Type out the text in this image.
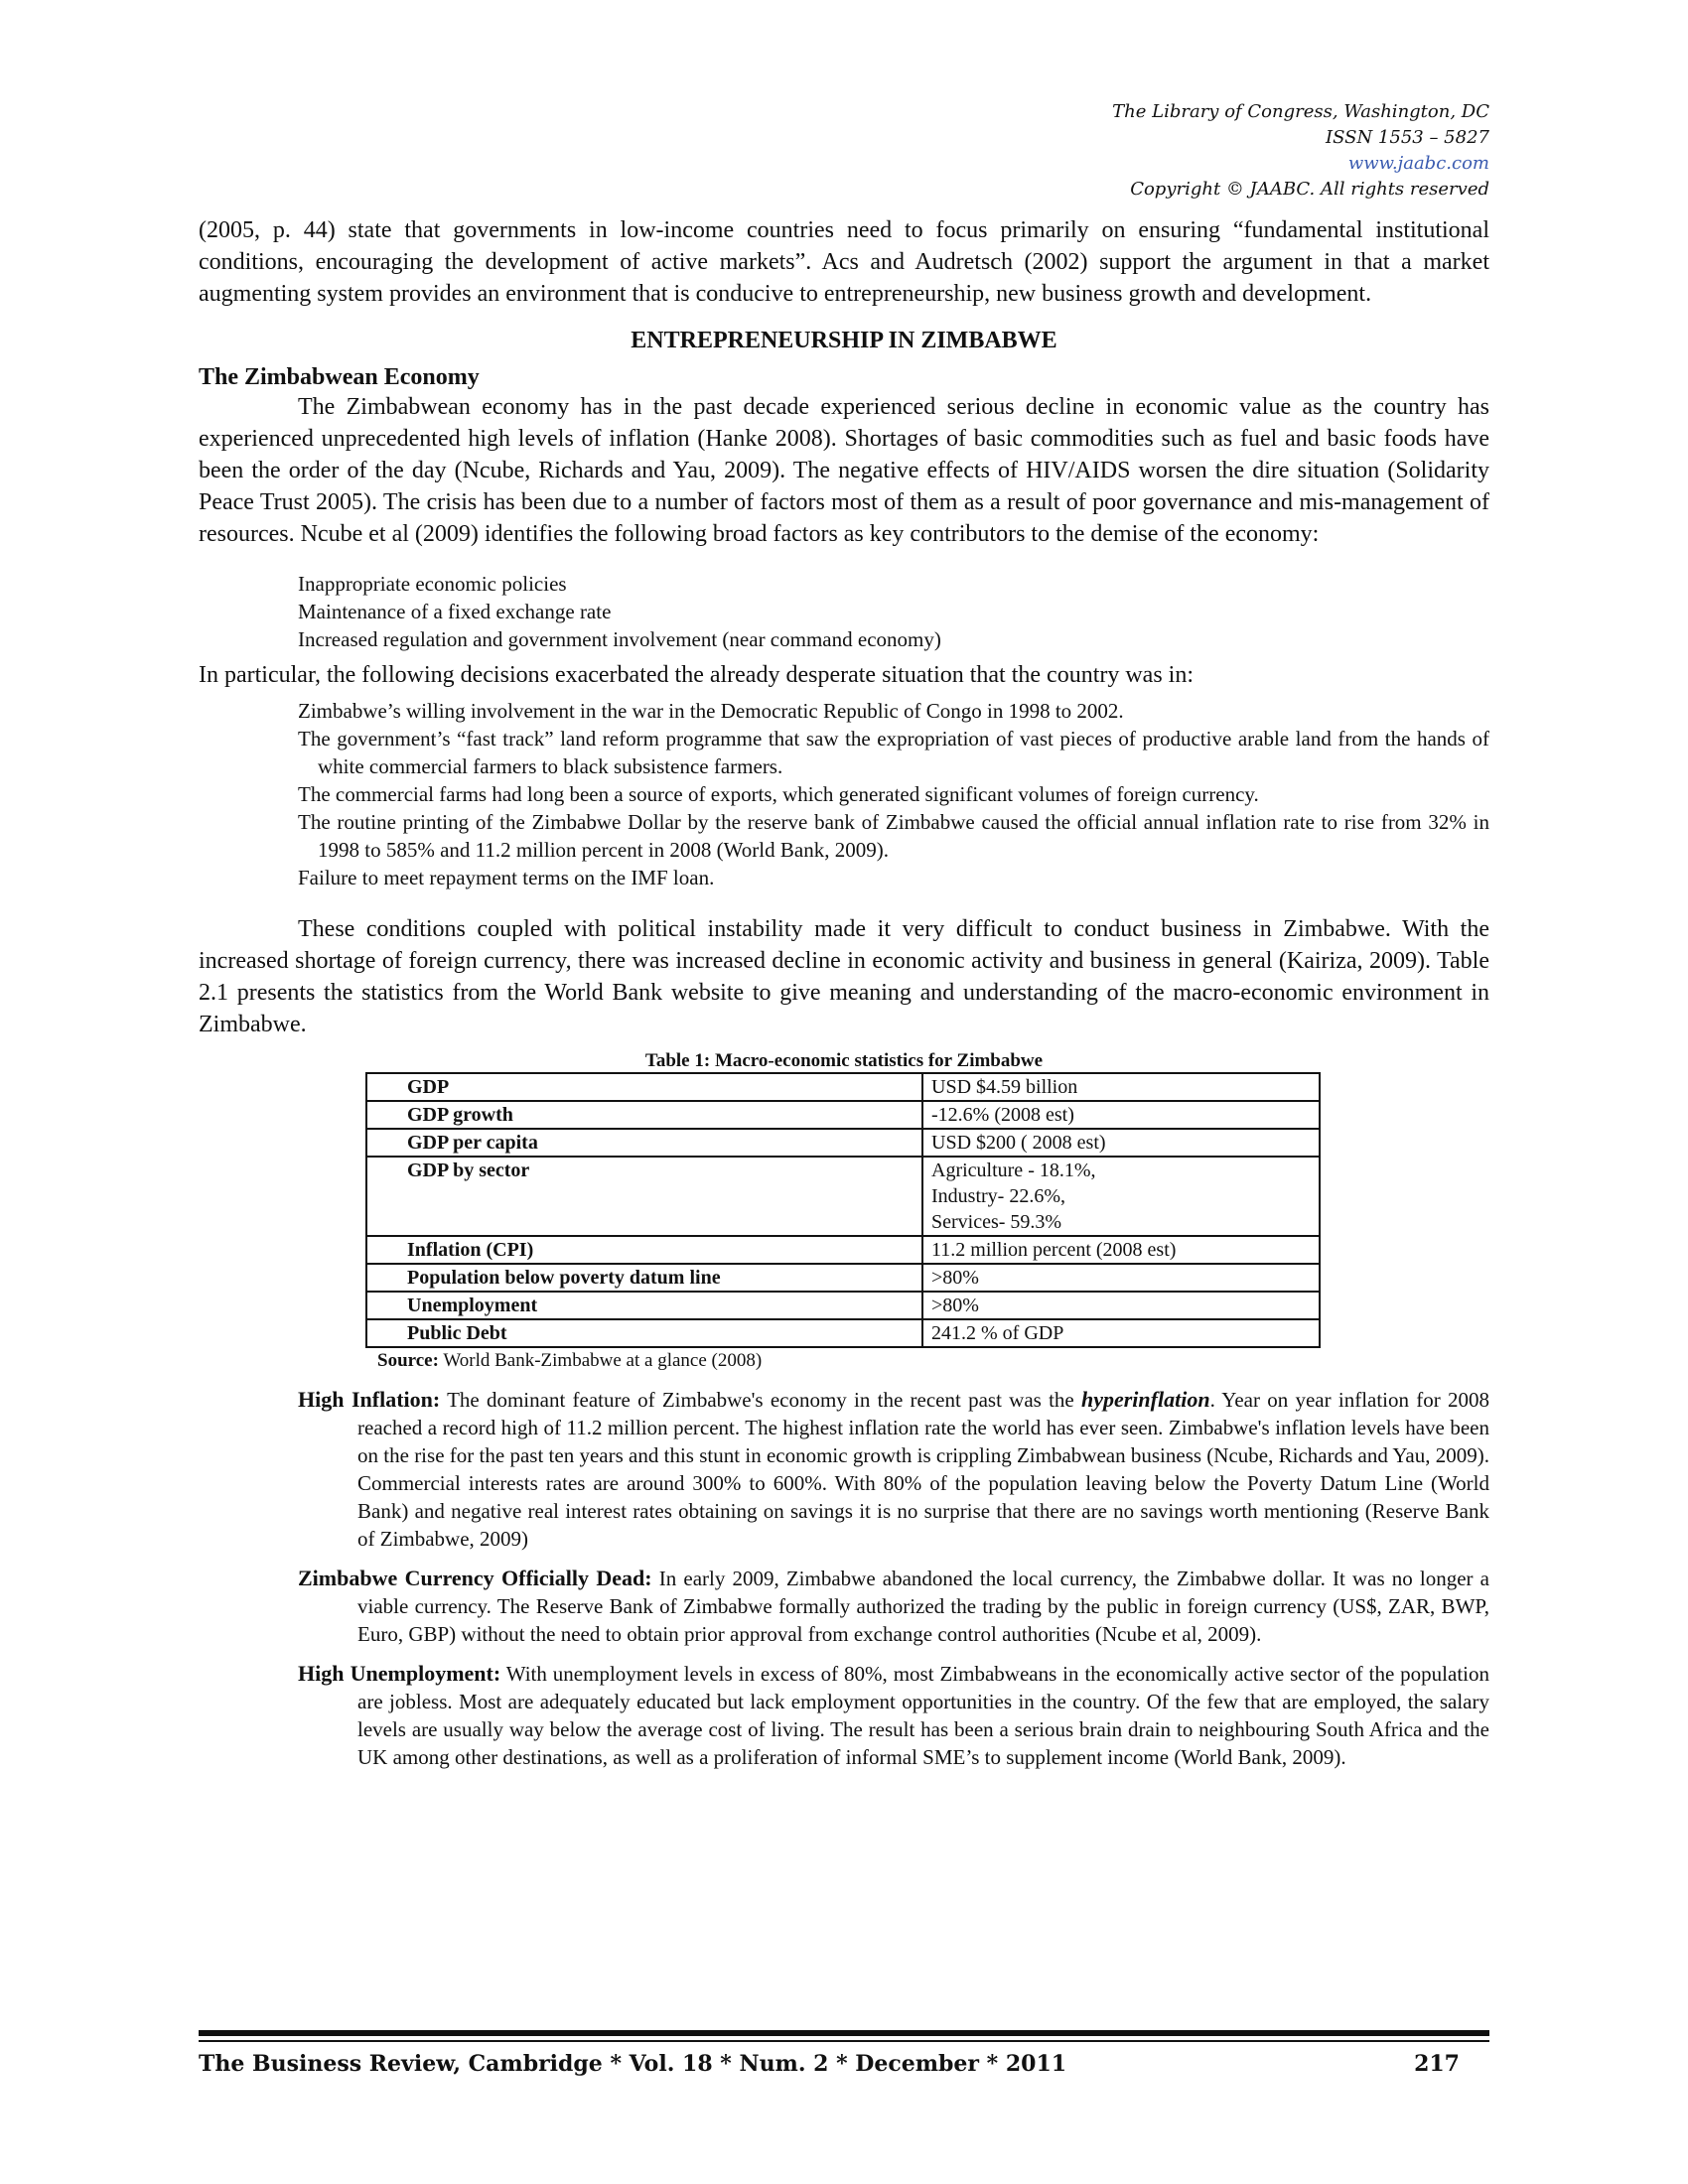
The Library of Congress, Washington, DC
ISSN 1553 – 5827
www.jaabc.com
Copyright © JAABC. All rights reserved

(2005, p. 44) state that governments in low-income countries need to focus primarily on ensuring “fundamental institutional conditions, encouraging the development of active markets”. Acs and Audretsch (2002) support the argument in that a market augmenting system provides an environment that is conducive to entrepreneurship, new business growth and development.

ENTREPRENEURSHIP IN ZIMBABWE
The Zimbabwean Economy

The Zimbabwean economy has in the past decade experienced serious decline in economic value as the country has experienced unprecedented high levels of inflation (Hanke 2008). Shortages of basic commodities such as fuel and basic foods have been the order of the day (Ncube, Richards and Yau, 2009). The negative effects of HIV/AIDS worsen the dire situation (Solidarity Peace Trust 2005). The crisis has been due to a number of factors most of them as a result of poor governance and mis-management of resources. Ncube et al (2009) identifies the following broad factors as key contributors to the demise of the economy:

Inappropriate economic policies
Maintenance of a fixed exchange rate
Increased regulation and government involvement (near command economy)

In particular, the following decisions exacerbated the already desperate situation that the country was in:

Zimbabwe’s willing involvement in the war in the Democratic Republic of Congo in 1998 to 2002.
The government’s “fast track” land reform programme that saw the expropriation of vast pieces of productive arable land from the hands of white commercial farmers to black subsistence farmers.
The commercial farms had long been a source of exports, which generated significant volumes of foreign currency.
The routine printing of the Zimbabwe Dollar by the reserve bank of Zimbabwe caused the official annual inflation rate to rise from 32% in 1998 to 585% and 11.2 million percent in 2008 (World Bank, 2009).
Failure to meet repayment terms on the IMF loan.

These conditions coupled with political instability made it very difficult to conduct business in Zimbabwe. With the increased shortage of foreign currency, there was increased decline in economic activity and business in general (Kairiza, 2009). Table 2.1 presents the statistics from the World Bank website to give meaning and understanding of the macro-economic environment in Zimbabwe.

Table 1: Macro-economic statistics for Zimbabwe
GDP	USD $4.59 billion
GDP growth	-12.6% (2008 est)
GDP per capita	USD $200 ( 2008 est)
GDP by sector	Agriculture - 18.1%,
Industry- 22.6%,
Services- 59.3%

Inflation (CPI)	11.2 million percent (2008 est)
Population below poverty datum line	>80%
Unemployment	>80%
Public Debt	241.2 % of GDP
Source: World Bank-Zimbabwe at a glance (2008)

High Inflation: The dominant feature of Zimbabwe's economy in the recent past was the hyperinflation. Year on year inflation for 2008 reached a record high of 11.2 million percent. The highest inflation rate the world has ever seen. Zimbabwe's inflation levels have been on the rise for the past ten years and this stunt in economic growth is crippling Zimbabwean business (Ncube, Richards and Yau, 2009). Commercial interests rates are around 300% to 600%. With 80% of the population leaving below the Poverty Datum Line (World Bank) and negative real interest rates obtaining on savings it is no surprise that there are no savings worth mentioning (Reserve Bank of Zimbabwe, 2009)

Zimbabwe Currency Officially Dead: In early 2009, Zimbabwe abandoned the local currency, the Zimbabwe dollar. It was no longer a viable currency. The Reserve Bank of Zimbabwe formally authorized the trading by the public in foreign currency (US$, ZAR, BWP, Euro, GBP) without the need to obtain prior approval from exchange control authorities (Ncube et al, 2009).

High Unemployment: With unemployment levels in excess of 80%, most Zimbabweans in the economically active sector of the population are jobless. Most are adequately educated but lack employment opportunities in the country. Of the few that are employed, the salary levels are usually way below the average cost of living. The result has been a serious brain drain to neighbouring South Africa and the UK among other destinations, as well as a proliferation of informal SME’s to supplement income (World Bank, 2009).

The Business Review, Cambridge * Vol. 18 * Num. 2 * December * 2011	217
